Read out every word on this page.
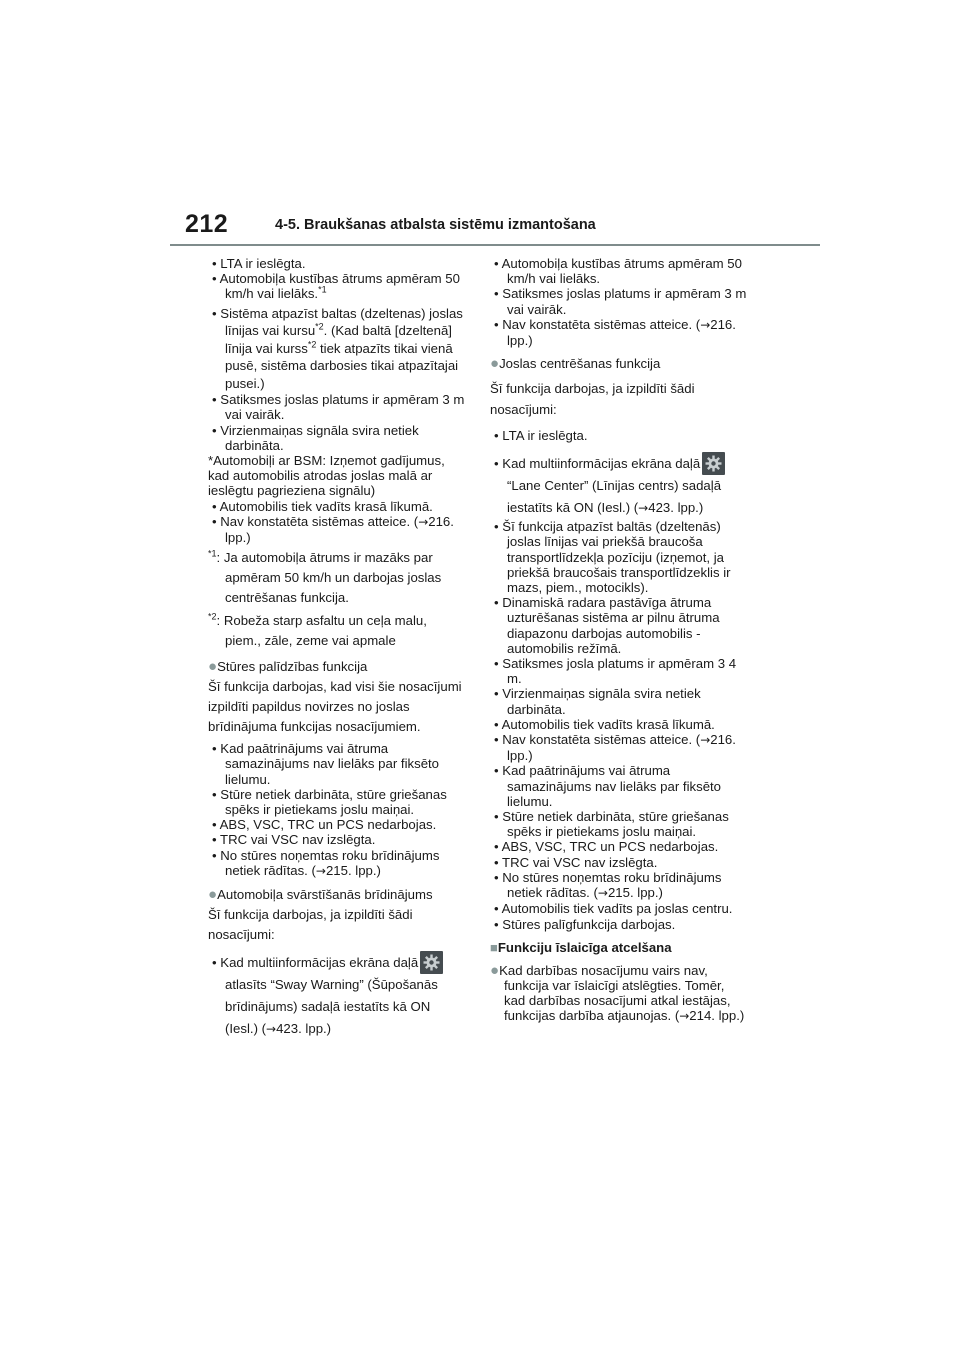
212	4-5. Braukšanas atbalsta sistēmu izmantošana
• LTA ir ieslēgta.
• Automobiļa kustības ātrums apmēram 50 km/h vai lielāks.$^{*1}$
• Sistēma atpazīst baltas (dzeltenas) joslas līnijas vai kursu$^{*2}$. (Kad baltā [dzeltenā] līnija vai kurss$^{*2}$ tiek atpazīts tikai vienā pusē, sistēma darbosies tikai atpazītajai pusei.)
• Satiksmes joslas platums ir apmēram 3 m vai vairāk.
• Virzienmaiņas signāla svira netiek darbināta.
*Automobiļi ar BSM: Izņemot gadījumus, kad automobilis atrodas joslas malā ar ieslēgtu pagrieziena signālu)
• Automobilis tiek vadīts krasā līkumā.
• Nav konstatēta sistēmas atteice. (→216. lpp.)
$^{*1}$: Ja automobiļa ātrums ir mazāks par apmēram 50 km/h un darbojas joslas centrēšanas funkcija.
$^{*2}$: Robeža starp asfaltu un ceļa malu, piem., zāle, zeme vai apmale
●Stūres palīdzības funkcija
Šī funkcija darbojas, kad visi šie nosacījumi izpildīti papildus novirzes no joslas brīdinājuma funkcijas nosacījumiem.
• Kad paātrinājums vai ātruma samazinājums nav lielāks par fiksēto lielumu.
• Stūre netiek darbināta, stūre griešanas spēks ir pietiekams joslu maiņai.
• ABS, VSC, TRC un PCS nedarbojas.
• TRC vai VSC nav izslēgta.
• No stūres noņemtas roku brīdinājums netiek rādītas. (→215. lpp.)
●Automobiļa svārstīšanās brīdinājums
Šī funkcija darbojas, ja izpildīti šādi nosacījumi:
• Kad multiinformācijas ekrāna daļā
atlasīts “Sway Warning” (Šūpošanās brīdinājums) sadaļā iestatīts kā ON (Iesl.) (→423. lpp.)
• Automobiļa kustības ātrums apmēram 50 km/h vai lielāks.
• Satiksmes joslas platums ir apmēram 3 m vai vairāk.
• Nav konstatēta sistēmas atteice. (→216. lpp.)
●Joslas centrēšanas funkcija
Šī funkcija darbojas, ja izpildīti šādi nosacījumi:
• LTA ir ieslēgta.
• Kad multiinformācijas ekrāna daļā
“Lane Center” (Līnijas centrs) sadaļā iestatīts kā ON (Iesl.) (→423. lpp.)
• Šī funkcija atpazīst baltās (dzeltenās) joslas līnijas vai priekšā braucoša transportlīdzekļa pozīciju (izņemot, ja priekšā braucošais transportlīdzeklis ir mazs, piem., motocikls).
• Dinamiskā radara pastāvīga ātruma uzturēšanas sistēma ar pilnu ātruma diapazonu darbojas automobilis - automobilis režīmā.
• Satiksmes josla platums ir apmēram 3 4 m.
• Virzienmaiņas signāla svira netiek darbināta.
• Automobilis tiek vadīts krasā līkumā.
• Nav konstatēta sistēmas atteice. (→216. lpp.)
• Kad paātrinājums vai ātruma samazinājums nav lielāks par fiksēto lielumu.
• Stūre netiek darbināta, stūre griešanas spēks ir pietiekams joslu maiņai.
• ABS, VSC, TRC un PCS nedarbojas.
• TRC vai VSC nav izslēgta.
• No stūres noņemtas roku brīdinājums netiek rādītas. (→215. lpp.)
• Automobilis tiek vadīts pa joslas centru.
• Stūres palīgfunkcija darbojas.
■Funkciju īslaicīga atcelšana
●Kad darbības nosacījumu vairs nav, funkcija var īslaicīgi atslēgties. Tomēr, kad darbības nosacījumi atkal iestājas, funkcijas darbība atjaunojas. (→214. lpp.)
